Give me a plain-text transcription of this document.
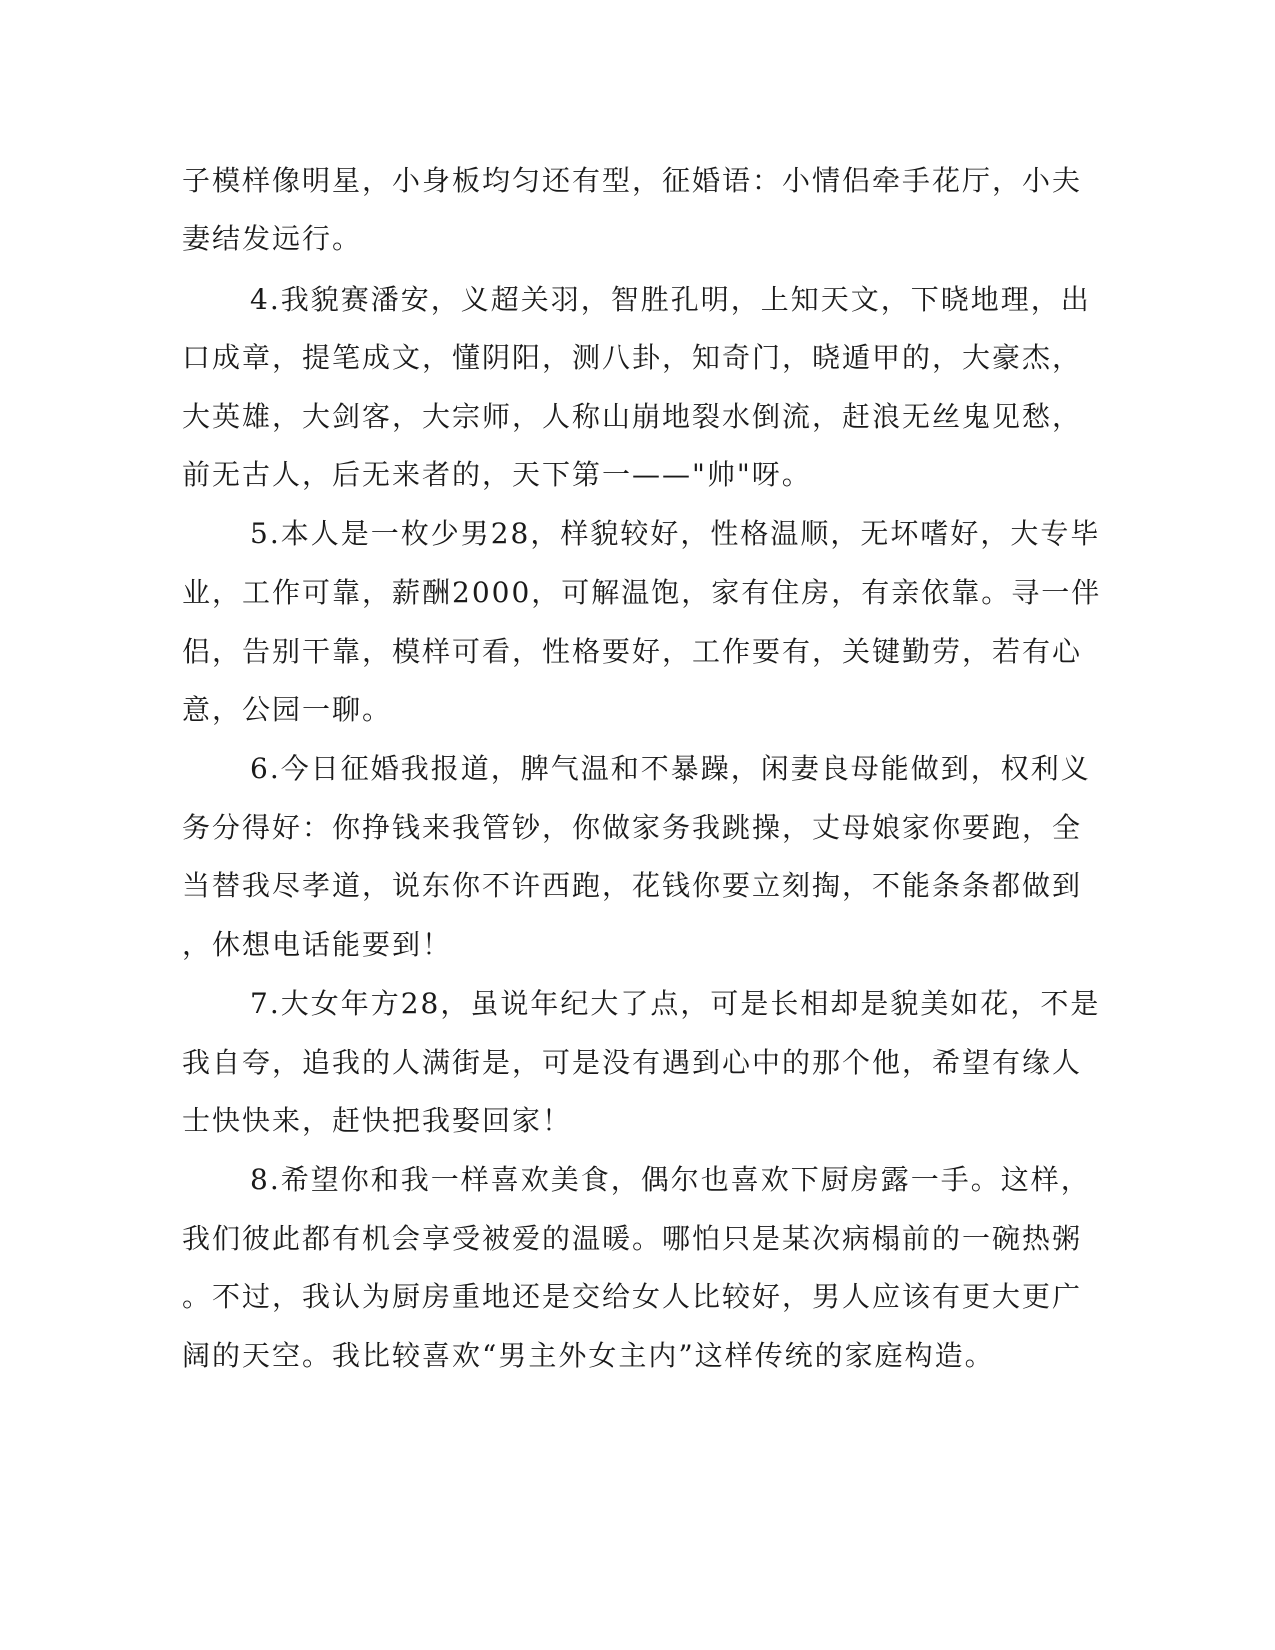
子模样像明星，小身板均匀还有型，征婚语：小情侣牵手花厅，小夫
妻结发远行。
4.我貌赛潘安，义超关羽，智胜孔明，上知天文，下晓地理，出
口成章，提笔成文，懂阴阳，测八卦，知奇门，晓遁甲的，大豪杰，
大英雄，大剑客，大宗师，人称山崩地裂水倒流，赶浪无丝鬼见愁，
前无古人，后无来者的，天下第一——"帅"呀。
5.本人是一枚少男28，样貌较好，性格温顺，无坏嗜好，大专毕
业，工作可靠，薪酬2000，可解温饱，家有住房，有亲依靠。寻一伴
侣，告别干靠，模样可看，性格要好，工作要有，关键勤劳，若有心
意，公园一聊。
6.今日征婚我报道，脾气温和不暴躁，闲妻良母能做到，权利义
务分得好：你挣钱来我管钞，你做家务我跳操，丈母娘家你要跑，全
当替我尽孝道，说东你不许西跑，花钱你要立刻掏，不能条条都做到
，休想电话能要到！
7.大女年方28，虽说年纪大了点，可是长相却是貌美如花，不是
我自夸，追我的人满街是，可是没有遇到心中的那个他，希望有缘人
士快快来，赶快把我娶回家！
8.希望你和我一样喜欢美食，偶尔也喜欢下厨房露一手。这样，
我们彼此都有机会享受被爱的温暖。哪怕只是某次病榻前的一碗热粥
。不过，我认为厨房重地还是交给女人比较好，男人应该有更大更广
阔的天空。我比较喜欢“男主外女主内”这样传统的家庭构造。
